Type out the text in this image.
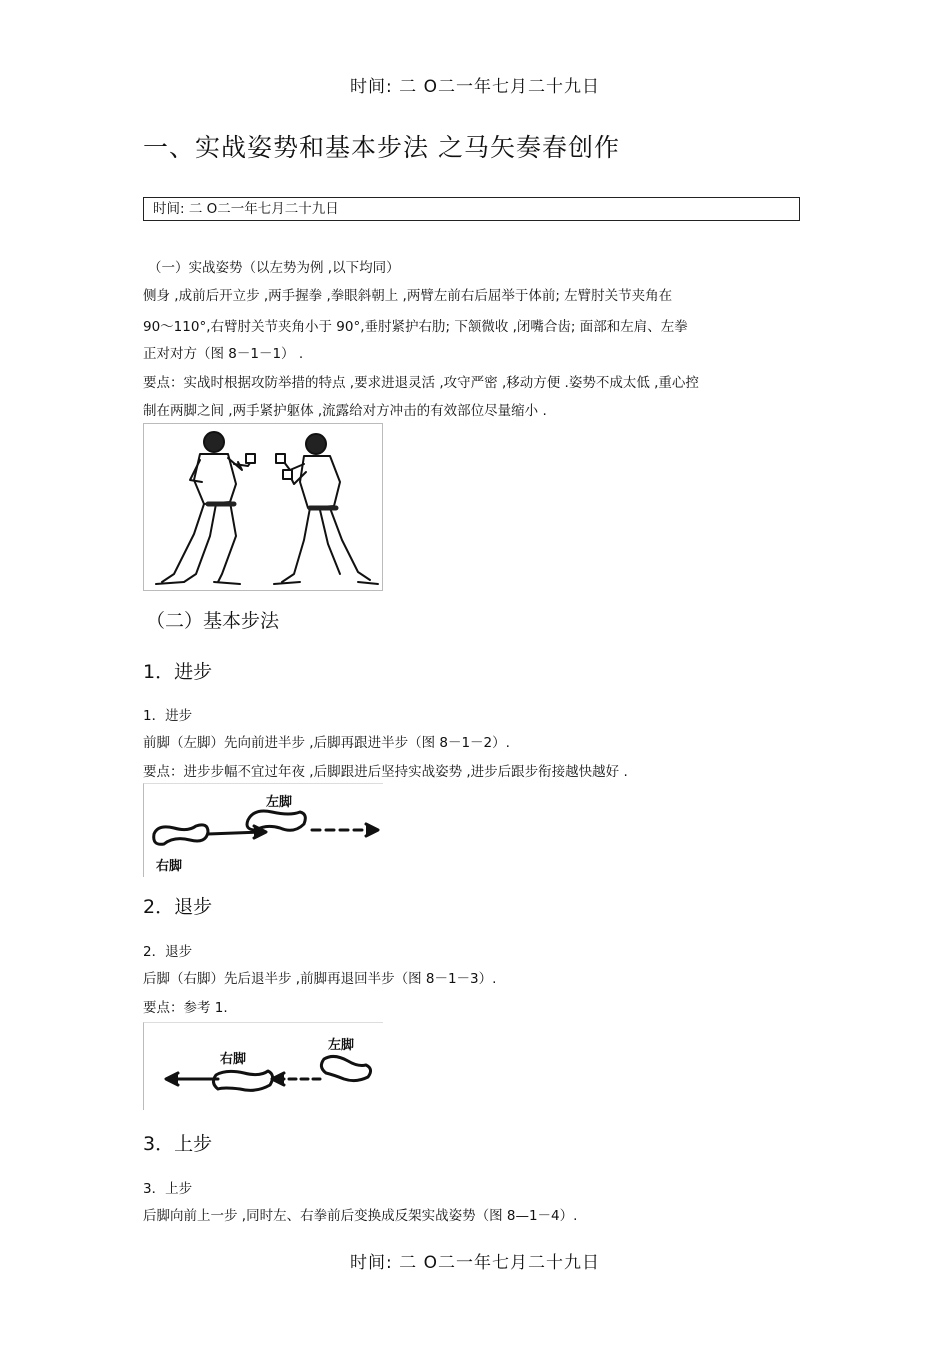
时间: 二 O二一年七月二十九日
一、实战姿势和基本步法 之马矢奏春创作
时间: 二 O二一年七月二十九日
（一）实战姿势（以左势为例 ,以下均同）
侧身 ,成前后开立步 ,两手握拳 ,拳眼斜朝上 ,两臂左前右后屈举于体前; 左臂肘关节夹角在
90～110°,右臂肘关节夹角小于 90°,垂肘紧护右肋; 下颔微收 ,闭嘴合齿; 面部和左肩、左拳
正对对方（图 8－1－1） .
要点：实战时根据攻防举措的特点 ,要求进退灵活 ,攻守严密 ,移动方便 .姿势不成太低 ,重心控
制在两脚之间 ,两手紧护躯体 ,流露给对方冲击的有效部位尽量缩小 .
（二）基本步法
1．进步
1．进步
前脚（左脚）先向前进半步 ,后脚再跟进半步（图 8－1－2）.
要点：进步步幅不宜过年夜 ,后脚跟进后坚持实战姿势 ,进步后跟步衔接越快越好 .
左脚
右脚
2．退步
2．退步
后脚（右脚）先后退半步 ,前脚再退回半步（图 8－1－3）.
要点：参考 1.
右脚
左脚
3．上步
3．上步
后脚向前上一步 ,同时左、右拳前后变换成反架实战姿势（图 8—1－4）.
时间: 二 O二一年七月二十九日
